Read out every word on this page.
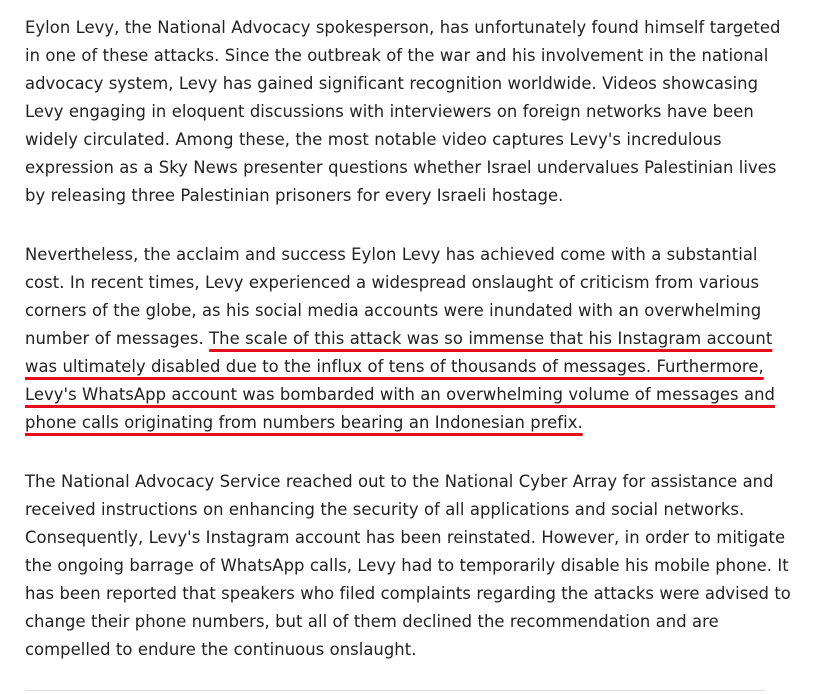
Eylon Levy, the National Advocacy spokesperson, has unfortunately found himself targeted in one of these attacks. Since the outbreak of the war and his involvement in the national advocacy system, Levy has gained significant recognition worldwide. Videos showcasing Levy engaging in eloquent discussions with interviewers on foreign networks have been widely circulated. Among these, the most notable video captures Levy's incredulous expression as a Sky News presenter questions whether Israel undervalues Palestinian lives by releasing three Palestinian prisoners for every Israeli hostage.

Nevertheless, the acclaim and success Eylon Levy has achieved come with a substantial cost. In recent times, Levy experienced a widespread onslaught of criticism from various corners of the globe, as his social media accounts were inundated with an overwhelming number of messages. The scale of this attack was so immense that his Instagram account was ultimately disabled due to the influx of tens of thousands of messages. Furthermore, Levy's WhatsApp account was bombarded with an overwhelming volume of messages and phone calls originating from numbers bearing an Indonesian prefix.

The National Advocacy Service reached out to the National Cyber Array for assistance and received instructions on enhancing the security of all applications and social networks. Consequently, Levy's Instagram account has been reinstated. However, in order to mitigate the ongoing barrage of WhatsApp calls, Levy had to temporarily disable his mobile phone. It has been reported that speakers who filed complaints regarding the attacks were advised to change their phone numbers, but all of them declined the recommendation and are compelled to endure the continuous onslaught.
